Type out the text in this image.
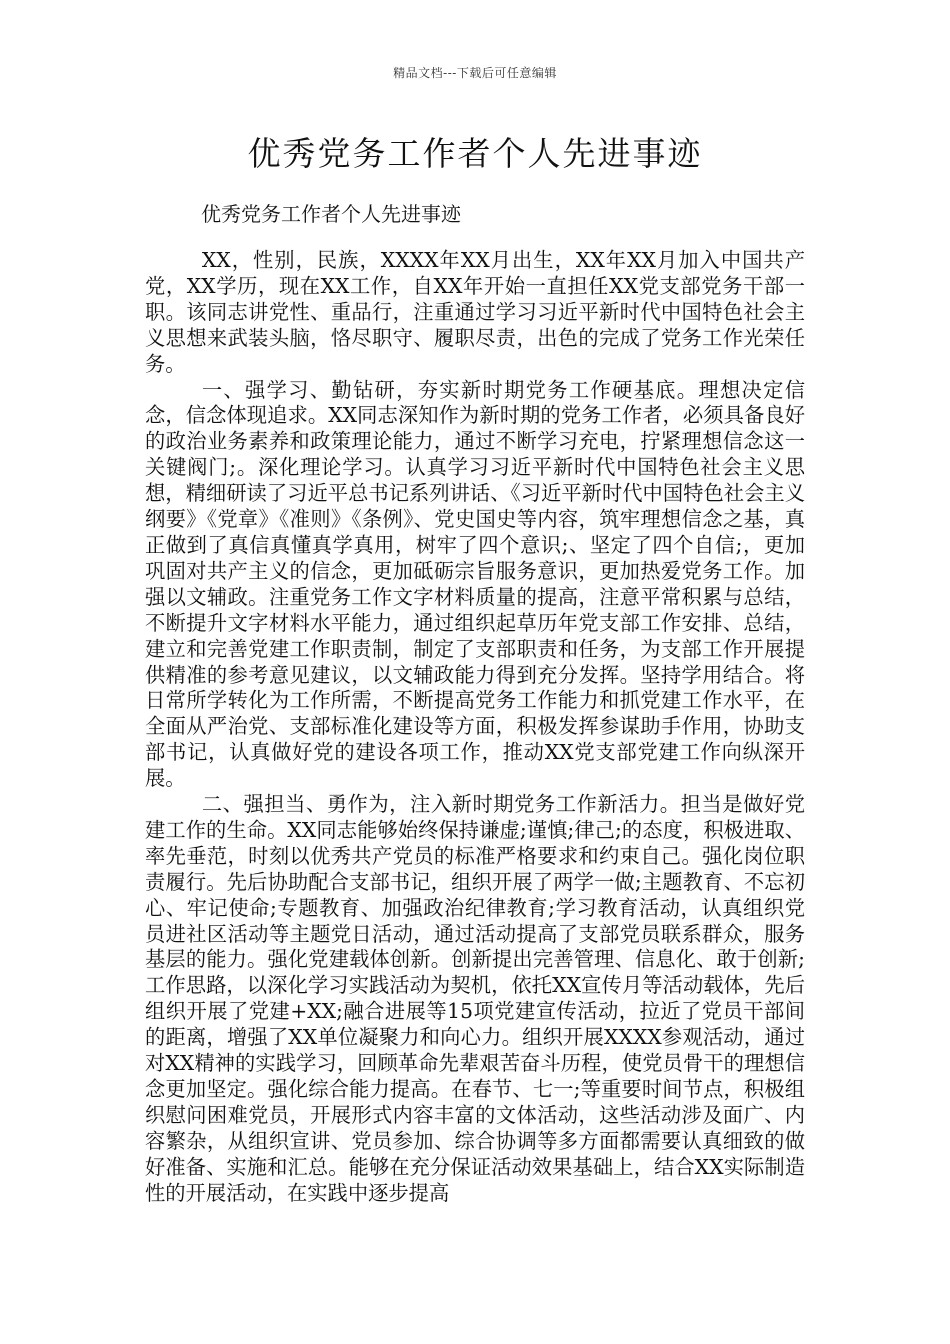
精品文档---下载后可任意编辑
优秀党务工作者个人先进事迹
优秀党务工作者个人先进事迹

XX，性别，民族，XXXX年XX月出生，XX年XX月加入中国共产党，XX学历，现在XX工作，自XX年开始一直担任XX党支部党务干部一职。该同志讲党性、重品行，注重通过学习习近平新时代中国特色社会主义思想来武装头脑，恪尽职守、履职尽责，出色的完成了党务工作光荣任务。

一、强学习、勤钻研，夯实新时期党务工作硬基底。理想决定信念，信念体现追求。XX同志深知作为新时期的党务工作者，必须具备良好的政治业务素养和政策理论能力，通过不断学习充电，拧紧理想信念这一关键阀门;。深化理论学习。认真学习习近平新时代中国特色社会主义思想，精细研读了习近平总书记系列讲话、《习近平新时代中国特色社会主义纲要》《党章》《准则》《条例》、党史国史等内容，筑牢理想信念之基，真正做到了真信真懂真学真用，树牢了四个意识;、坚定了四个自信;，更加巩固对共产主义的信念，更加砥砺宗旨服务意识，更加热爱党务工作。加强以文辅政。注重党务工作文字材料质量的提高，注意平常积累与总结，不断提升文字材料水平能力，通过组织起草历年党支部工作安排、总结，建立和完善党建工作职责制，制定了支部职责和任务，为支部工作开展提供精准的参考意见建议，以文辅政能力得到充分发挥。坚持学用结合。将日常所学转化为工作所需，不断提高党务工作能力和抓党建工作水平，在全面从严治党、支部标准化建设等方面，积极发挥参谋助手作用，协助支部书记，认真做好党的建设各项工作，推动XX党支部党建工作向纵深开展。

二、强担当、勇作为，注入新时期党务工作新活力。担当是做好党建工作的生命。XX同志能够始终保持谦虚;谨慎;律己;的态度，积极进取、率先垂范，时刻以优秀共产党员的标准严格要求和约束自己。强化岗位职责履行。先后协助配合支部书记，组织开展了两学一做;主题教育、不忘初心、牢记使命;专题教育、加强政治纪律教育;学习教育活动，认真组织党员进社区活动等主题党日活动，通过活动提高了支部党员联系群众，服务基层的能力。强化党建载体创新。创新提出完善管理、信息化、敢于创新;工作思路，以深化学习实践活动为契机，依托XX宣传月等活动载体，先后组织开展了党建+XX;融合进展等15项党建宣传活动，拉近了党员干部间的距离，增强了XX单位凝聚力和向心力。组织开展XXXX参观活动，通过对XX精神的实践学习，回顾革命先辈艰苦奋斗历程，使党员骨干的理想信念更加坚定。强化综合能力提高。在春节、七一;等重要时间节点，积极组织慰问困难党员，开展形式内容丰富的文体活动，这些活动涉及面广、内容繁杂，从组织宣讲、党员参加、综合协调等多方面都需要认真细致的做好准备、实施和汇总。能够在充分保证活动效果基础上，结合XX实际制造性的开展活动，在实践中逐步提高
